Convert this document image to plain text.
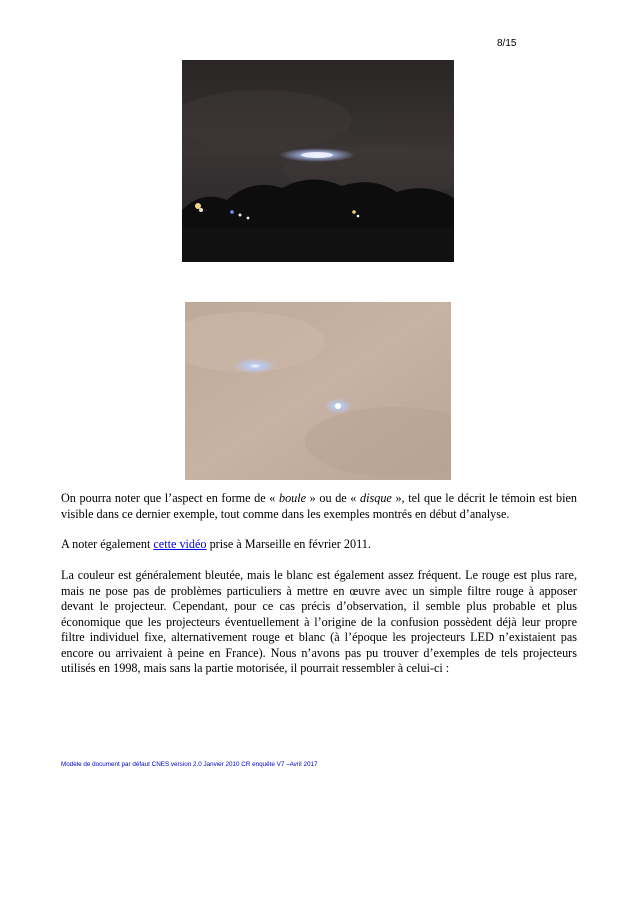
8/15

On pourra noter que l’aspect en forme de « boule » ou de « disque », tel que le décrit le témoin est bien visible dans ce dernier exemple, tout comme dans les exemples montrés en début d’analyse.

A noter également cette vidéo prise à Marseille en février 2011.

La couleur est généralement bleutée, mais le blanc est également assez fréquent. Le rouge est plus rare, mais ne pose pas de problèmes particuliers à mettre en œuvre avec un simple filtre rouge à apposer devant le projecteur. Cependant, pour ce cas précis d’observation, il semble plus probable et plus économique que les projecteurs éventuellement à l’origine de la confusion possèdent déjà leur propre filtre individuel fixe, alternativement rouge et blanc (à l’époque les projecteurs LED n’existaient pas encore ou arrivaient à peine en France). Nous n’avons pas pu trouver d’exemples de tels projecteurs utilisés en 1998, mais sans la partie motorisée, il pourrait ressembler à celui-ci :

Modèle de document par défaut CNES version 2.0 Janvier 2010 CR enquête V7 –Avril 2017
